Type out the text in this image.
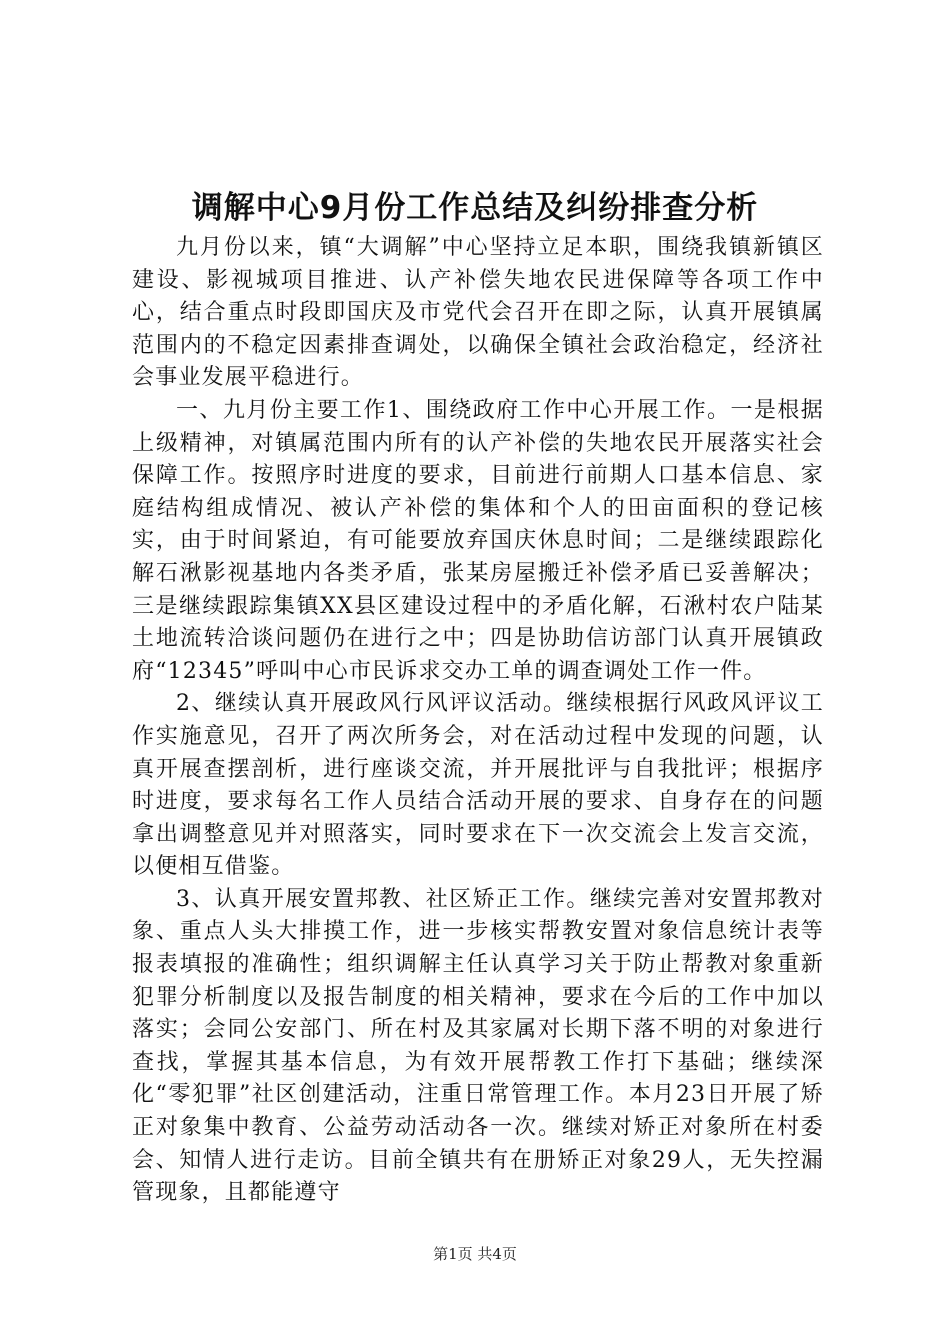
调解中心9月份工作总结及纠纷排查分析

九月份以来，镇“大调解”中心坚持立足本职，围绕我镇新镇区建设、影视城项目推进、认产补偿失地农民进保障等各项工作中心，结合重点时段即国庆及市党代会召开在即之际，认真开展镇属范围内的不稳定因素排查调处，以确保全镇社会政治稳定，经济社会事业发展平稳进行。

一、九月份主要工作1、围绕政府工作中心开展工作。一是根据上级精神，对镇属范围内所有的认产补偿的失地农民开展落实社会保障工作。按照序时进度的要求，目前进行前期人口基本信息、家庭结构组成情况、被认产补偿的集体和个人的田亩面积的登记核实，由于时间紧迫，有可能要放弃国庆休息时间；二是继续跟踪化解石湫影视基地内各类矛盾，张某房屋搬迁补偿矛盾已妥善解决；三是继续跟踪集镇XX县区建设过程中的矛盾化解，石湫村农户陆某土地流转洽谈问题仍在进行之中；四是协助信访部门认真开展镇政府“12345”呼叫中心市民诉求交办工单的调查调处工作一件。

2、继续认真开展政风行风评议活动。继续根据行风政风评议工作实施意见，召开了两次所务会，对在活动过程中发现的问题，认真开展查摆剖析，进行座谈交流，并开展批评与自我批评；根据序时进度，要求每名工作人员结合活动开展的要求、自身存在的问题拿出调整意见并对照落实，同时要求在下一次交流会上发言交流，以便相互借鉴。

3、认真开展安置邦教、社区矫正工作。继续完善对安置邦教对象、重点人头大排摸工作，进一步核实帮教安置对象信息统计表等报表填报的准确性；组织调解主任认真学习关于防止帮教对象重新犯罪分析制度以及报告制度的相关精神，要求在今后的工作中加以落实；会同公安部门、所在村及其家属对长期下落不明的对象进行查找，掌握其基本信息，为有效开展帮教工作打下基础；继续深化“零犯罪”社区创建活动，注重日常管理工作。本月23日开展了矫正对象集中教育、公益劳动活动各一次。继续对矫正对象所在村委会、知情人进行走访。目前全镇共有在册矫正对象29人，无失控漏管现象，且都能遵守

第1页 共4页
